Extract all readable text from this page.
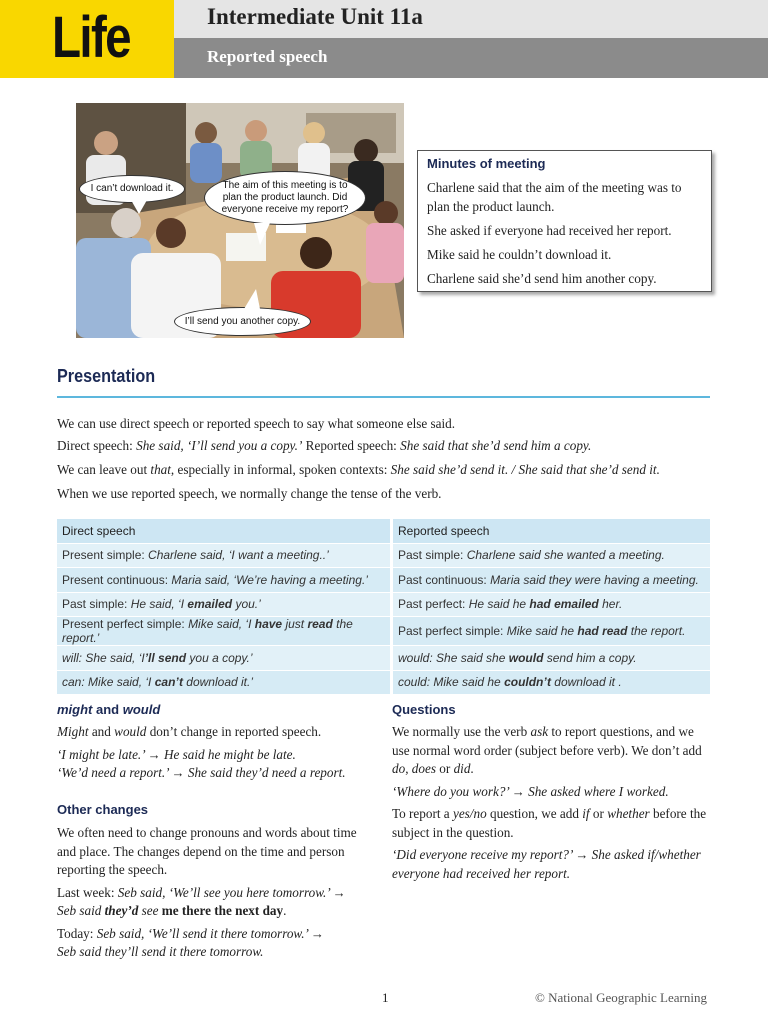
Life	Intermediate Unit 11a
Reported speech
I can’t download it.	The aim of this meeting is to plan the product launch. Did everyone receive my report?
I’ll send you another copy.
Minutes of meeting

Charlene said that the aim of the meeting was to

plan the product launch.

She asked if everyone had received her report.

Mike said he couldn’t download it.

Charlene said she’d send him another copy.

Presentation
We can use direct speech or reported speech to say what someone else said.
Direct speech: She said, ‘I’ll send you a copy.’ Reported speech: She said that she’d send him a copy.
We can leave out that, especially in informal, spoken contexts: She said she’d send it. / She said that she’d send it.
When we use reported speech, we normally change the tense of the verb.
Direct speech	Reported speech
Present simple: Charlene said, ‘I want a meeting..’	Past simple: Charlene said she wanted a meeting.
Present continuous: Maria said, ‘We’re having a meeting.’	Past continuous: Maria said they were having a meeting.
Past simple: He said, ‘I emailed you.’	Past perfect: He said he had emailed her.
Present perfect simple: Mike said, ‘I have just read the report.’	Past perfect simple: Mike said he had read the report.
will: She said, ‘I’ll send you a copy.’	would: She said she would send him a copy.
can: Mike said, ‘I can’t download it.’	could: Mike said he couldn’t download it .
might and would

Might and would don’t change in reported speech.

‘I might be late.’ → He said he might be late.
‘We’d need a report.’ → She said they’d need a report.
Other changes

We often need to change pronouns and words about time and place. The changes depend on the time and person reporting the speech.

Last week: Seb said, ‘We’ll see you here tomorrow.’ →

Seb said they’d see me there the next day.

Today: Seb said, ‘We’ll send it there tomorrow.’ →
Seb said they’ll send it there tomorrow.
Questions

We normally use the verb ask to report questions, and we use normal word order (subject before verb). We don’t add do, does or did.

‘Where do you work?’ → She asked where I worked.

To report a yes/no question, we add if or whether before the subject in the question.

‘Did everyone receive my report?’ → She asked if/whether everyone had received her report.

1	© National Geographic Learning
